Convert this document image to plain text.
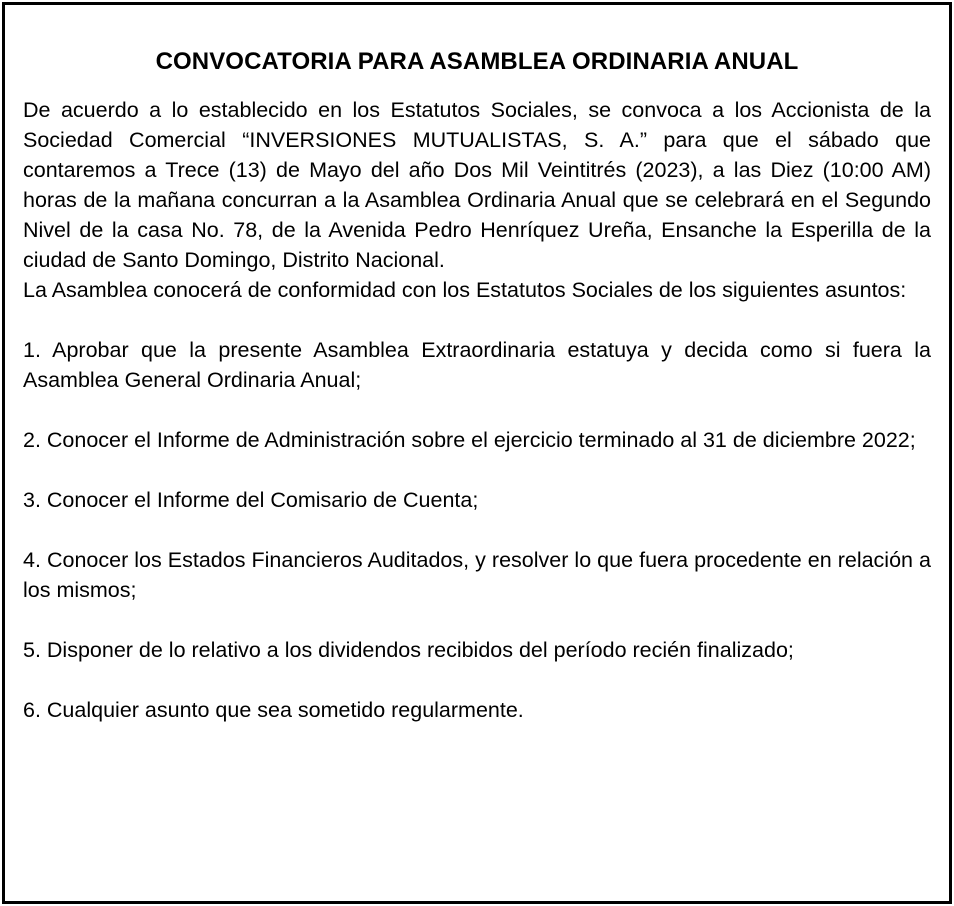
CONVOCATORIA PARA ASAMBLEA ORDINARIA ANUAL

De acuerdo a lo establecido en los Estatutos Sociales, se convoca a los Accionista de la Sociedad Comercial “INVERSIONES MUTUALISTAS, S. A.” para que el sábado que contaremos a Trece (13) de Mayo del año Dos Mil Veintitrés (2023), a las Diez (10:00 AM) horas de la mañana concurran a la Asamblea Ordinaria Anual que se celebrará en el Segundo Nivel de la casa No. 78, de la Avenida Pedro Henríquez Ureña, Ensanche la Esperilla de la ciudad de Santo Domingo, Distrito Nacional.

La Asamblea conocerá de conformidad con los Estatutos Sociales de los siguientes asuntos:

1. Aprobar que la presente Asamblea Extraordinaria estatuya y decida como si fuera la Asamblea General Ordinaria Anual;

2. Conocer el Informe de Administración sobre el ejercicio terminado al 31 de diciembre 2022;

3. Conocer el Informe del Comisario de Cuenta;

4. Conocer los Estados Financieros Auditados, y resolver lo que fuera procedente en relación a los mismos;

5. Disponer de lo relativo a los dividendos recibidos del período recién finalizado;

6. Cualquier asunto que sea sometido regularmente.
